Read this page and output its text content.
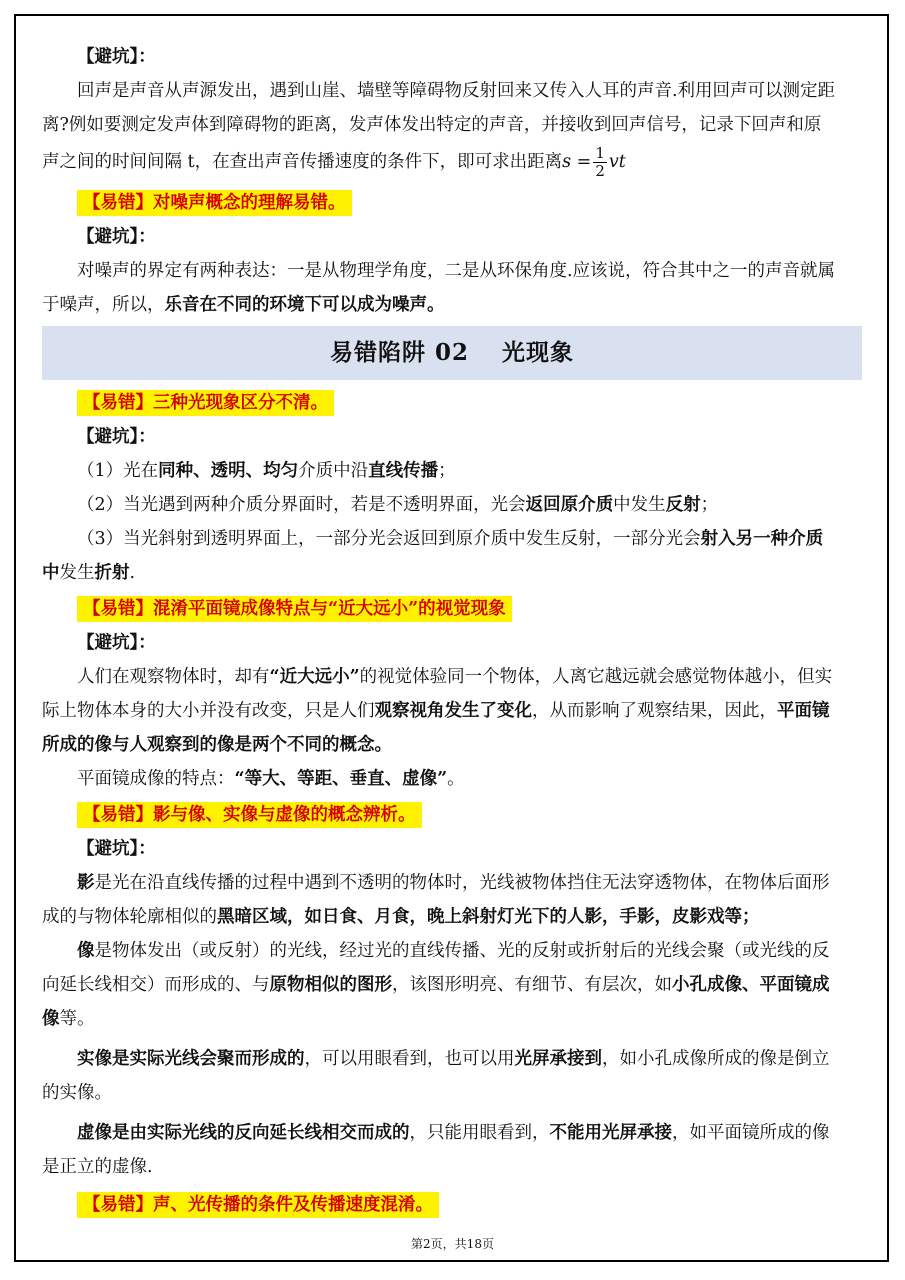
【避坑】：
回声是声音从声源发出，遇到山崖、墙壁等障碍物反射回来又传入人耳的声音.利用回声可以测定距
离?例如要测定发声体到障碍物的距离，发声体发出特定的声音，并接收到回声信号，记录下回声和原
声之间的时间间隔 t，在查出声音传播速度的条件下，即可求出距离$s = \frac{1}{2}$ vt
【易错】对噪声概念的理解易错。
【避坑】：
对噪声的界定有两种表达：一是从物理学角度，二是从环保角度.应该说，符合其中之一的声音就属
于噪声，所以，乐音在不同的环境下可以成为噪声。
易错陷阱 02　 光现象
【易错】三种光现象区分不清。
【避坑】：
（1）光在同种、透明、均匀介质中沿直线传播；
（2）当光遇到两种介质分界面时，若是不透明界面，光会返回原介质中发生反射；
（3）当光斜射到透明界面上，一部分光会返回到原介质中发生反射，一部分光会射入另一种介质
中发生折射.
【易错】混淆平面镜成像特点与“近大远小”的视觉现象
【避坑】：
人们在观察物体时，却有“近大远小”的视觉体验同一个物体，人离它越远就会感觉物体越小，但实
际上物体本身的大小并没有改变，只是人们观察视角发生了变化，从而影响了观察结果，因此，平面镜
所成的像与人观察到的像是两个不同的概念。
平面镜成像的特点：“等大、等距、垂直、虚像”。
【易错】影与像、实像与虚像的概念辨析。
【避坑】：
影是光在沿直线传播的过程中遇到不透明的物体时，光线被物体挡住无法穿透物体，在物体后面形
成的与物体轮廓相似的黑暗区域，如日食、月食，晚上斜射灯光下的人影，手影，皮影戏等；
像是物体发出（或反射）的光线，经过光的直线传播、光的反射或折射后的光线会聚（或光线的反
向延长线相交）而形成的、与原物相似的图形，该图形明亮、有细节、有层次，如小孔成像、平面镜成
像等。
实像是实际光线会聚而形成的，可以用眼看到，也可以用光屏承接到，如小孔成像所成的像是倒立
的实像。
虚像是由实际光线的反向延长线相交而成的，只能用眼看到，不能用光屏承接，如平面镜所成的像
是正立的虚像.
【易错】声、光传播的条件及传播速度混淆。
第2页，共18页
